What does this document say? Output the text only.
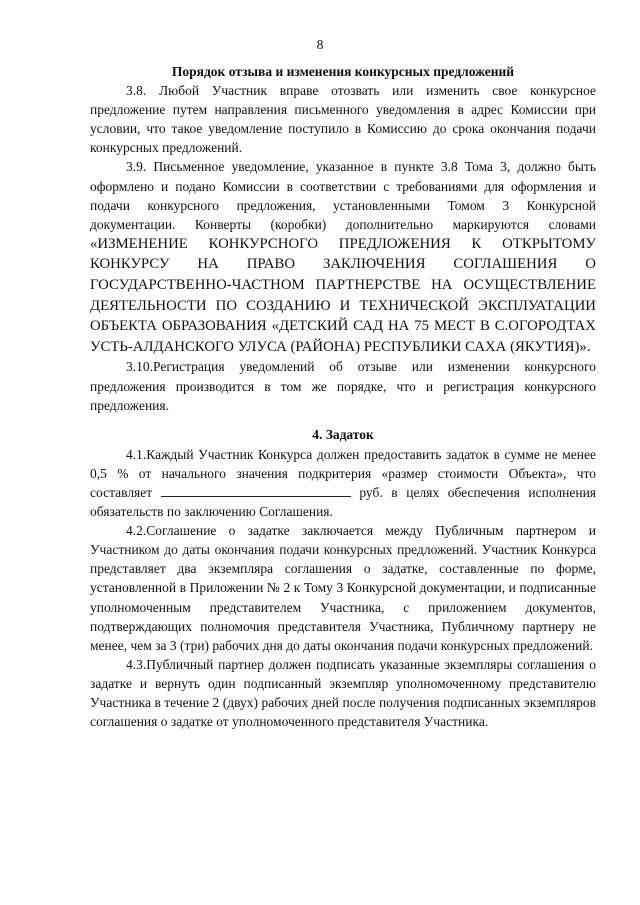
8
Порядок отзыва и изменения конкурсных предложений

3.8. Любой Участник вправе отозвать или изменить свое конкурсное предложение путем направления письменного уведомления в адрес Комиссии при условии, что такое уведомление поступило в Комиссию до срока окончания подачи конкурсных предложений.

3.9. Письменное уведомление, указанное в пункте 3.8 Тома 3, должно быть оформлено и подано Комиссии в соответствии с требованиями для оформления и подачи конкурсного предложения, установленными Томом 3 Конкурсной документации. Конверты (коробки) дополнительно маркируются словами «ИЗМЕНЕНИЕ КОНКУРСНОГО ПРЕДЛОЖЕНИЯ К ОТКРЫТОМУ КОНКУРСУ НА ПРАВО ЗАКЛЮЧЕНИЯ СОГЛАШЕНИЯ О ГОСУДАРСТВЕННО-ЧАСТНОМ ПАРТНЕРСТВЕ НА ОСУЩЕСТВЛЕНИЕ ДЕЯТЕЛЬНОСТИ ПО СОЗДАНИЮ И ТЕХНИЧЕСКОЙ ЭКСПЛУАТАЦИИ ОБЪЕКТА ОБРАЗОВАНИЯ «ДЕТСКИЙ САД НА 75 МЕСТ В С.ОГОРОДТАХ УСТЬ-АЛДАНСКОГО УЛУСА (РАЙОНА) РЕСПУБЛИКИ САХА (ЯКУТИЯ)».

3.10.Регистрация уведомлений об отзыве или изменении конкурсного предложения производится в том же порядке, что и регистрация конкурсного предложения.

4. Задаток

4.1.Каждый Участник Конкурса должен предоставить задаток в сумме не менее 0,5 % от начального значения подкритерия «размер стоимости Объекта», что составляет	руб. в целях обеспечения исполнения обязательств по заключению Соглашения.

4.2.Соглашение о задатке заключается между Публичным партнером и Участником до даты окончания подачи конкурсных предложений. Участник Конкурса представляет два экземпляра соглашения о задатке, составленные по форме, установленной в Приложении № 2 к Тому 3 Конкурсной документации, и подписанные уполномоченным представителем Участника, с приложением документов, подтверждающих полномочия представителя Участника, Публичному партнеру не менее, чем за 3 (три) рабочих дня до даты окончания подачи конкурсных предложений.

4.3.Публичный партнер должен подписать указанные экземпляры соглашения о задатке и вернуть один подписанный экземпляр уполномоченному представителю Участника в течение 2 (двух) рабочих дней после получения подписанных экземпляров соглашения о задатке от уполномоченного представителя Участника.
